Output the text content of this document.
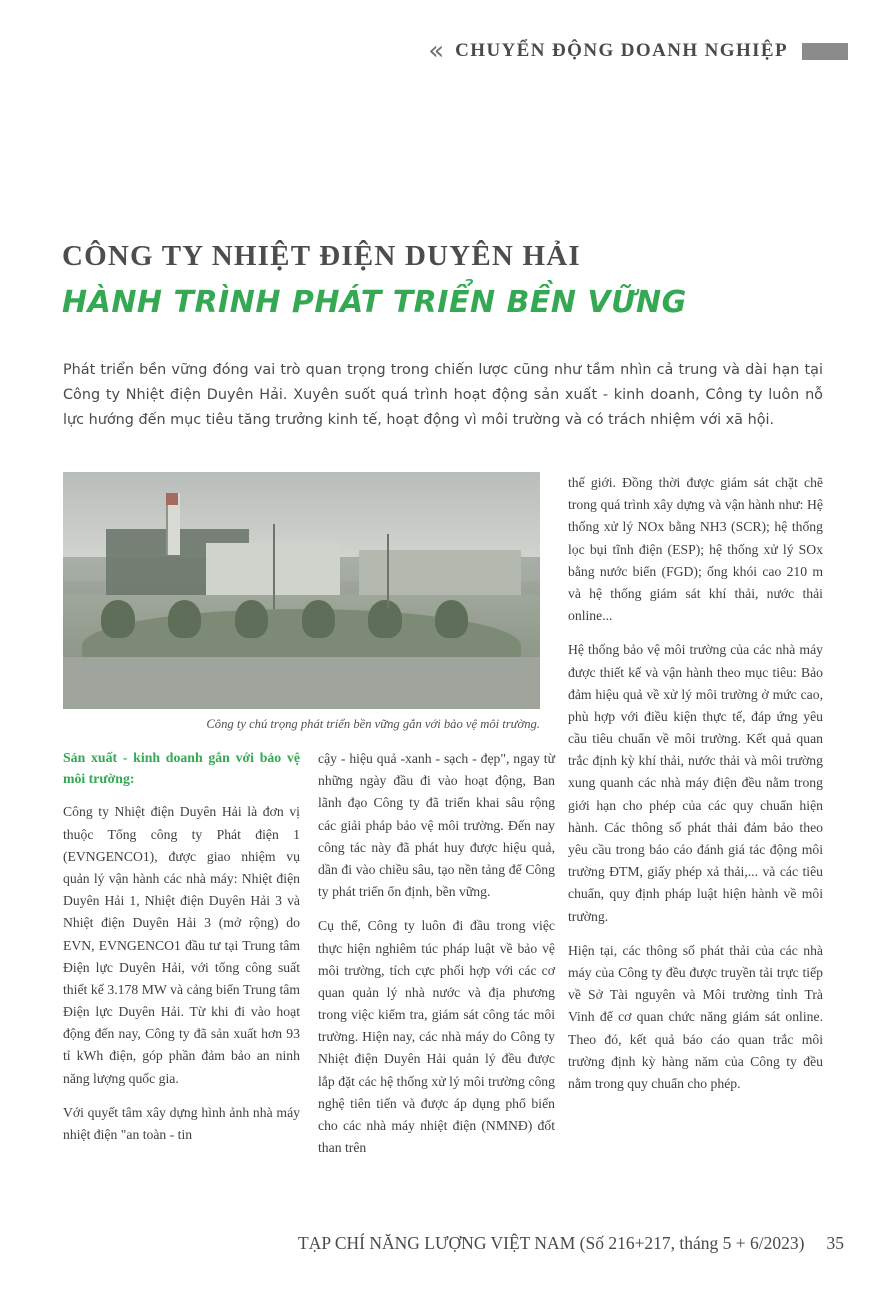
« CHUYỂN ĐỘNG DOANH NGHIỆP
CÔNG TY NHIỆT ĐIỆN DUYÊN HẢI
HÀNH TRÌNH PHÁT TRIỂN BỀN VỮNG
Phát triển bền vững đóng vai trò quan trọng trong chiến lược cũng như tầm nhìn cả trung và dài hạn tại Công ty Nhiệt điện Duyên Hải. Xuyên suốt quá trình hoạt động sản xuất - kinh doanh, Công ty luôn nỗ lực hướng đến mục tiêu tăng trưởng kinh tế, hoạt động vì môi trường và có trách nhiệm với xã hội.
Công ty chú trọng phát triển bền vững gắn với bảo vệ môi trường.

Sản xuất - kinh doanh gắn với bảo vệ môi trường:

Công ty Nhiệt điện Duyên Hải là đơn vị thuộc Tổng công ty Phát điện 1 (EVNGENCO1), được giao nhiệm vụ quản lý vận hành các nhà máy: Nhiệt điện Duyên Hải 1, Nhiệt điện Duyên Hải 3 và Nhiệt điện Duyên Hải 3 (mở rộng) do EVN, EVNGENCO1 đầu tư tại Trung tâm Điện lực Duyên Hải, với tổng công suất thiết kế 3.178 MW và cảng biển Trung tâm Điện lực Duyên Hải. Từ khi đi vào hoạt động đến nay, Công ty đã sản xuất hơn 93 tỉ kWh điện, góp phần đảm bảo an ninh năng lượng quốc gia.

Với quyết tâm xây dựng hình ảnh nhà máy nhiệt điện "an toàn - tin

cậy - hiệu quả -xanh - sạch - đẹp", ngay từ những ngày đầu đi vào hoạt động, Ban lãnh đạo Công ty đã triển khai sâu rộng các giải pháp bảo vệ môi trường. Đến nay công tác này đã phát huy được hiệu quả, dần đi vào chiều sâu, tạo nền tảng để Công ty phát triển ổn định, bền vững.

Cụ thể, Công ty luôn đi đầu trong việc thực hiện nghiêm túc pháp luật về bảo vệ môi trường, tích cực phối hợp với các cơ quan quản lý nhà nước và địa phương trong việc kiểm tra, giám sát công tác môi trường. Hiện nay, các nhà máy do Công ty Nhiệt điện Duyên Hải quản lý đều được lắp đặt các hệ thống xử lý môi trường công nghệ tiên tiến và được áp dụng phổ biến cho các nhà máy nhiệt điện (NMNĐ) đốt than trên

thế giới. Đồng thời được giám sát chặt chẽ trong quá trình xây dựng và vận hành như: Hệ thống xử lý NOx bằng NH3 (SCR); hệ thống lọc bụi tĩnh điện (ESP); hệ thống xử lý SOx bằng nước biển (FGD); ống khói cao 210 m và hệ thống giám sát khí thải, nước thải online...

Hệ thống bảo vệ môi trường của các nhà máy được thiết kế và vận hành theo mục tiêu: Bảo đảm hiệu quả về xử lý môi trường ở mức cao, phù hợp với điều kiện thực tế, đáp ứng yêu cầu tiêu chuẩn về môi trường. Kết quả quan trắc định kỳ khí thải, nước thải và môi trường xung quanh các nhà máy điện đều nằm trong giới hạn cho phép của các quy chuẩn hiện hành. Các thông số phát thải đảm bảo theo yêu cầu trong báo cáo đánh giá tác động môi trường ĐTM, giấy phép xả thải,... và các tiêu chuẩn, quy định pháp luật hiện hành về môi trường.

Hiện tại, các thông số phát thải của các nhà máy của Công ty đều được truyền tải trực tiếp về Sở Tài nguyên và Môi trường tỉnh Trà Vinh để cơ quan chức năng giám sát online. Theo đó, kết quả báo cáo quan trắc môi trường định kỳ hàng năm của Công ty đều nằm trong quy chuẩn cho phép.

TẠP CHÍ NĂNG LƯỢNG VIỆT NAM (Số 216+217, tháng 5 + 6/2023) 35
